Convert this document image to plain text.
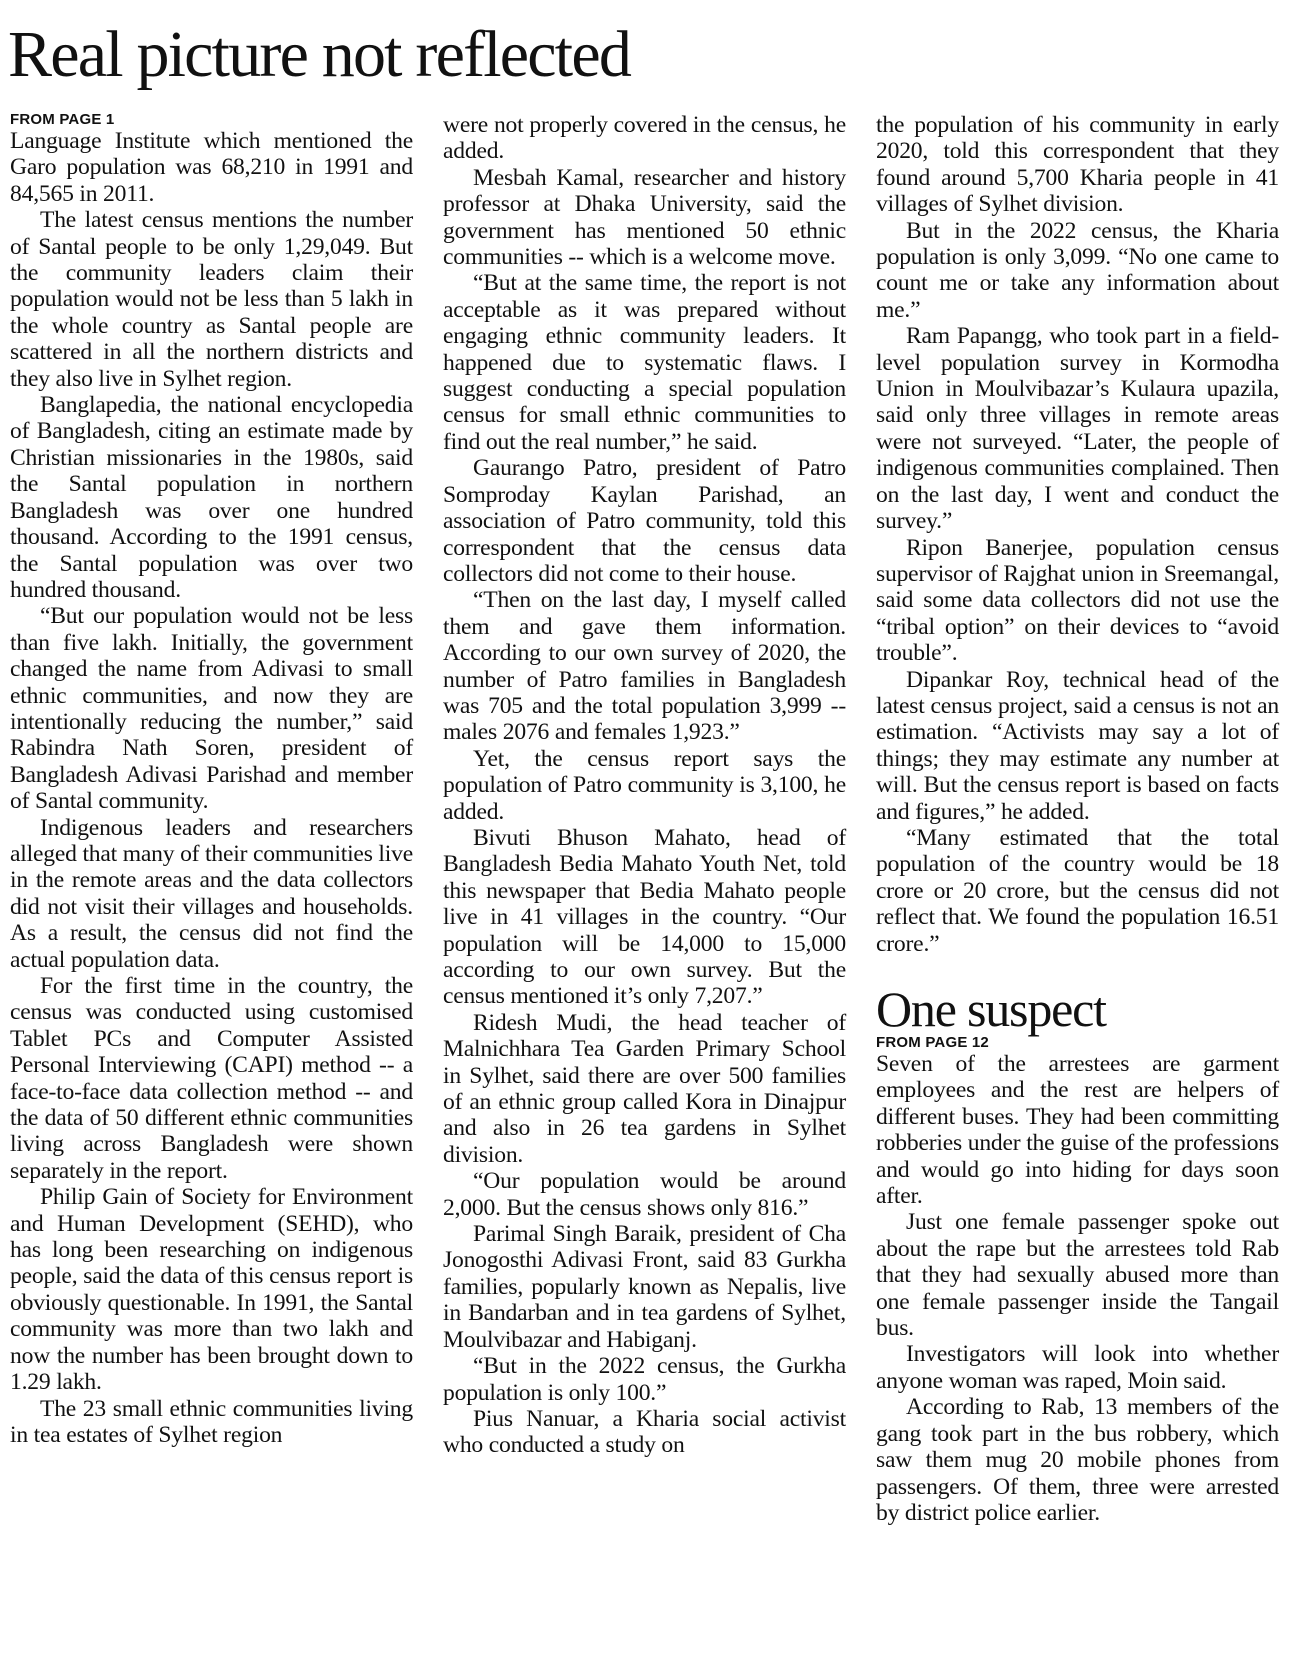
Real picture not reflected
FROM PAGE 1

Language Institute which mentioned the Garo population was 68,210 in 1991 and 84,565 in 2011.

The latest census mentions the number of Santal people to be only 1,29,049. But the community leaders claim their population would not be less than 5 lakh in the whole country as Santal people are scattered in all the northern districts and they also live in Sylhet region.

Banglapedia, the national encyclopedia of Bangladesh, citing an estimate made by Christian missionaries in the 1980s, said the Santal population in northern Bangladesh was over one hundred thousand. According to the 1991 census, the Santal population was over two hundred thousand.

“But our population would not be less than five lakh. Initially, the government changed the name from Adivasi to small ethnic communities, and now they are intentionally reducing the number,” said Rabindra Nath Soren, president of Bangladesh Adivasi Parishad and member of Santal community.

Indigenous leaders and researchers alleged that many of their communities live in the remote areas and the data collectors did not visit their villages and households. As a result, the census did not find the actual population data.

For the first time in the country, the census was conducted using customised Tablet PCs and Computer Assisted Personal Interviewing (CAPI) method -- a face-to-face data collection method -- and the data of 50 different ethnic communities living across Bangladesh were shown separately in the report.

Philip Gain of Society for Environment and Human Development (SEHD), who has long been researching on indigenous people, said the data of this census report is obviously questionable. In 1991, the Santal community was more than two lakh and now the number has been brought down to 1.29 lakh.

The 23 small ethnic communities living in tea estates of Sylhet region

were not properly covered in the census, he added.

Mesbah Kamal, researcher and history professor at Dhaka University, said the government has mentioned 50 ethnic communities -- which is a welcome move.

“But at the same time, the report is not acceptable as it was prepared without engaging ethnic community leaders. It happened due to systematic flaws. I suggest conducting a special population census for small ethnic communities to find out the real number,” he said.

Gaurango Patro, president of Patro Somproday Kaylan Parishad, an association of Patro community, told this correspondent that the census data collectors did not come to their house.

“Then on the last day, I myself called them and gave them information. According to our own survey of 2020, the number of Patro families in Bangladesh was 705 and the total population 3,999 -- males 2076 and females 1,923.”

Yet, the census report says the population of Patro community is 3,100, he added.

Bivuti Bhuson Mahato, head of Bangladesh Bedia Mahato Youth Net, told this newspaper that Bedia Mahato people live in 41 villages in the country. “Our population will be 14,000 to 15,000 according to our own survey. But the census mentioned it’s only 7,207.”

Ridesh Mudi, the head teacher of Malnichhara Tea Garden Primary School in Sylhet, said there are over 500 families of an ethnic group called Kora in Dinajpur and also in 26 tea gardens in Sylhet division.

“Our population would be around 2,000. But the census shows only 816.”

Parimal Singh Baraik, president of Cha Jonogosthi Adivasi Front, said 83 Gurkha families, popularly known as Nepalis, live in Bandarban and in tea gardens of Sylhet, Moulvibazar and Habiganj.

“But in the 2022 census, the Gurkha population is only 100.”

Pius Nanuar, a Kharia social activist who conducted a study on

the population of his community in early 2020, told this correspondent that they found around 5,700 Kharia people in 41 villages of Sylhet division.

But in the 2022 census, the Kharia population is only 3,099. “No one came to count me or take any information about me.”

Ram Papangg, who took part in a field-level population survey in Kormodha Union in Moulvibazar’s Kulaura upazila, said only three villages in remote areas were not surveyed. “Later, the people of indigenous communities complained. Then on the last day, I went and conduct the survey.”

Ripon Banerjee, population census supervisor of Rajghat union in Sreemangal, said some data collectors did not use the “tribal option” on their devices to “avoid trouble”.

Dipankar Roy, technical head of the latest census project, said a census is not an estimation. “Activists may say a lot of things; they may estimate any number at will. But the census report is based on facts and figures,” he added.

“Many estimated that the total population of the country would be 18 crore or 20 crore, but the census did not reflect that. We found the population 16.51 crore.”

One suspect
FROM PAGE 12

Seven of the arrestees are garment employees and the rest are helpers of different buses. They had been committing robberies under the guise of the professions and would go into hiding for days soon after.

Just one female passenger spoke out about the rape but the arrestees told Rab that they had sexually abused more than one female passenger inside the Tangail bus.

Investigators will look into whether anyone woman was raped, Moin said.

According to Rab, 13 members of the gang took part in the bus robbery, which saw them mug 20 mobile phones from passengers. Of them, three were arrested by district police earlier.
